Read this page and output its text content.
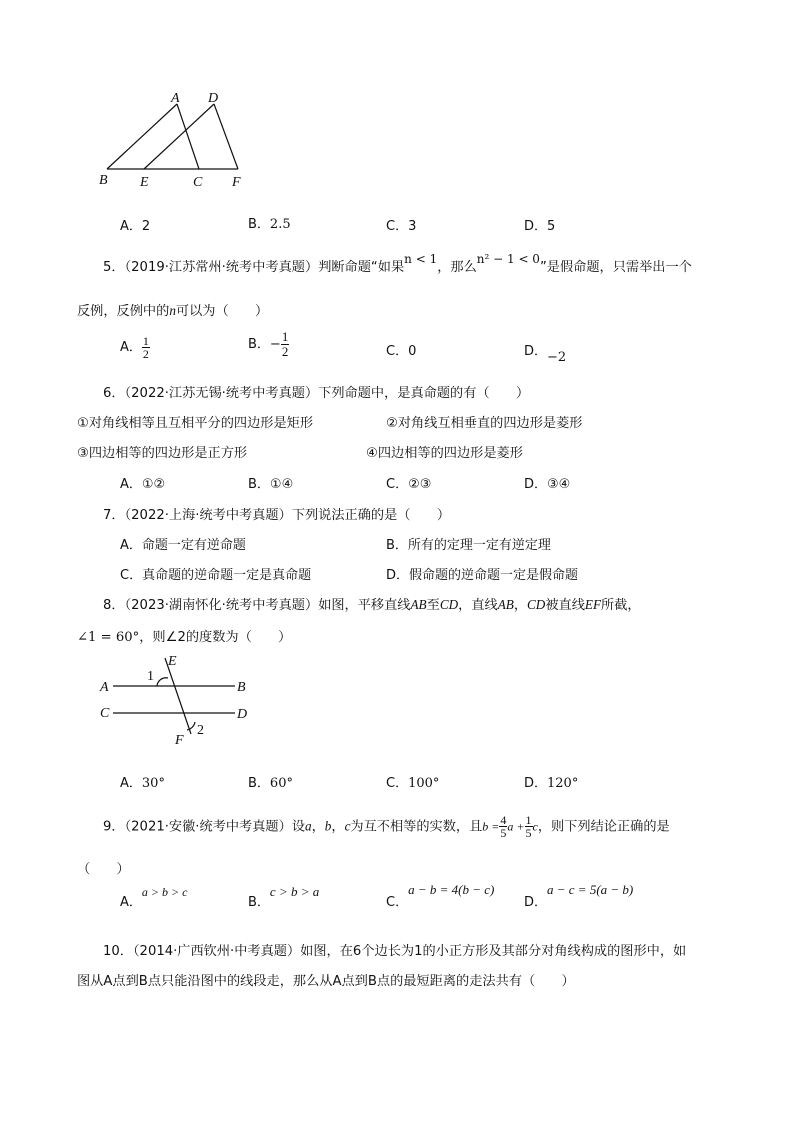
A D
B E	C F
A．2	B．2.5	C．3	D．5
5．（2019·江苏常州·统考中考真题）判断命题“如果n < 1，那么n² − 1 < 0”是假命题，只需举出一个
反例，反例中的n可以为（　　）
A． $\frac{1}{2}$	B．− $\frac{1}{2}$	C．0	D．−2
6．（2022·江苏无锡·统考中考真题）下列命题中，是真命题的有（　　）
①对角线相等且互相平分的四边形是矩形	②对角线互相垂直的四边形是菱形
③四边相等的四边形是正方形	④四边相等的四边形是菱形
A．①②	B．①④	C．②③	D．③④
7．（2022·上海·统考中考真题）下列说法正确的是（　　）
A．命题一定有逆命题	B．所有的定理一定有逆定理
C．真命题的逆命题一定是真命题	D．假命题的逆命题一定是假命题
8．（2023·湖南怀化·统考中考真题）如图，平移直线AB至CD，直线AB，CD被直线EF所截，
∠1 = 60°，则∠2的度数为（　　）
E
1
A	B
C	D
2
F
A．30°	B．60°	C．100°	D．120°
9．（2021·安徽·统考中考真题）设a，b，c为互不相等的实数，且$b = \frac{4}{5}$ $a + \frac{1}{5}$ c，则下列结论正确的是
（　　）
A．a > b > c
B．c > b > a
C．a − b = 4(b − c)
D．a − c = 5(a − b)
10．（2014·广西钦州·中考真题）如图，在6个边长为1的小正方形及其部分对角线构成的图形中，如
图从A点到B点只能沿图中的线段走，那么从A点到B点的最短距离的走法共有（　　）
